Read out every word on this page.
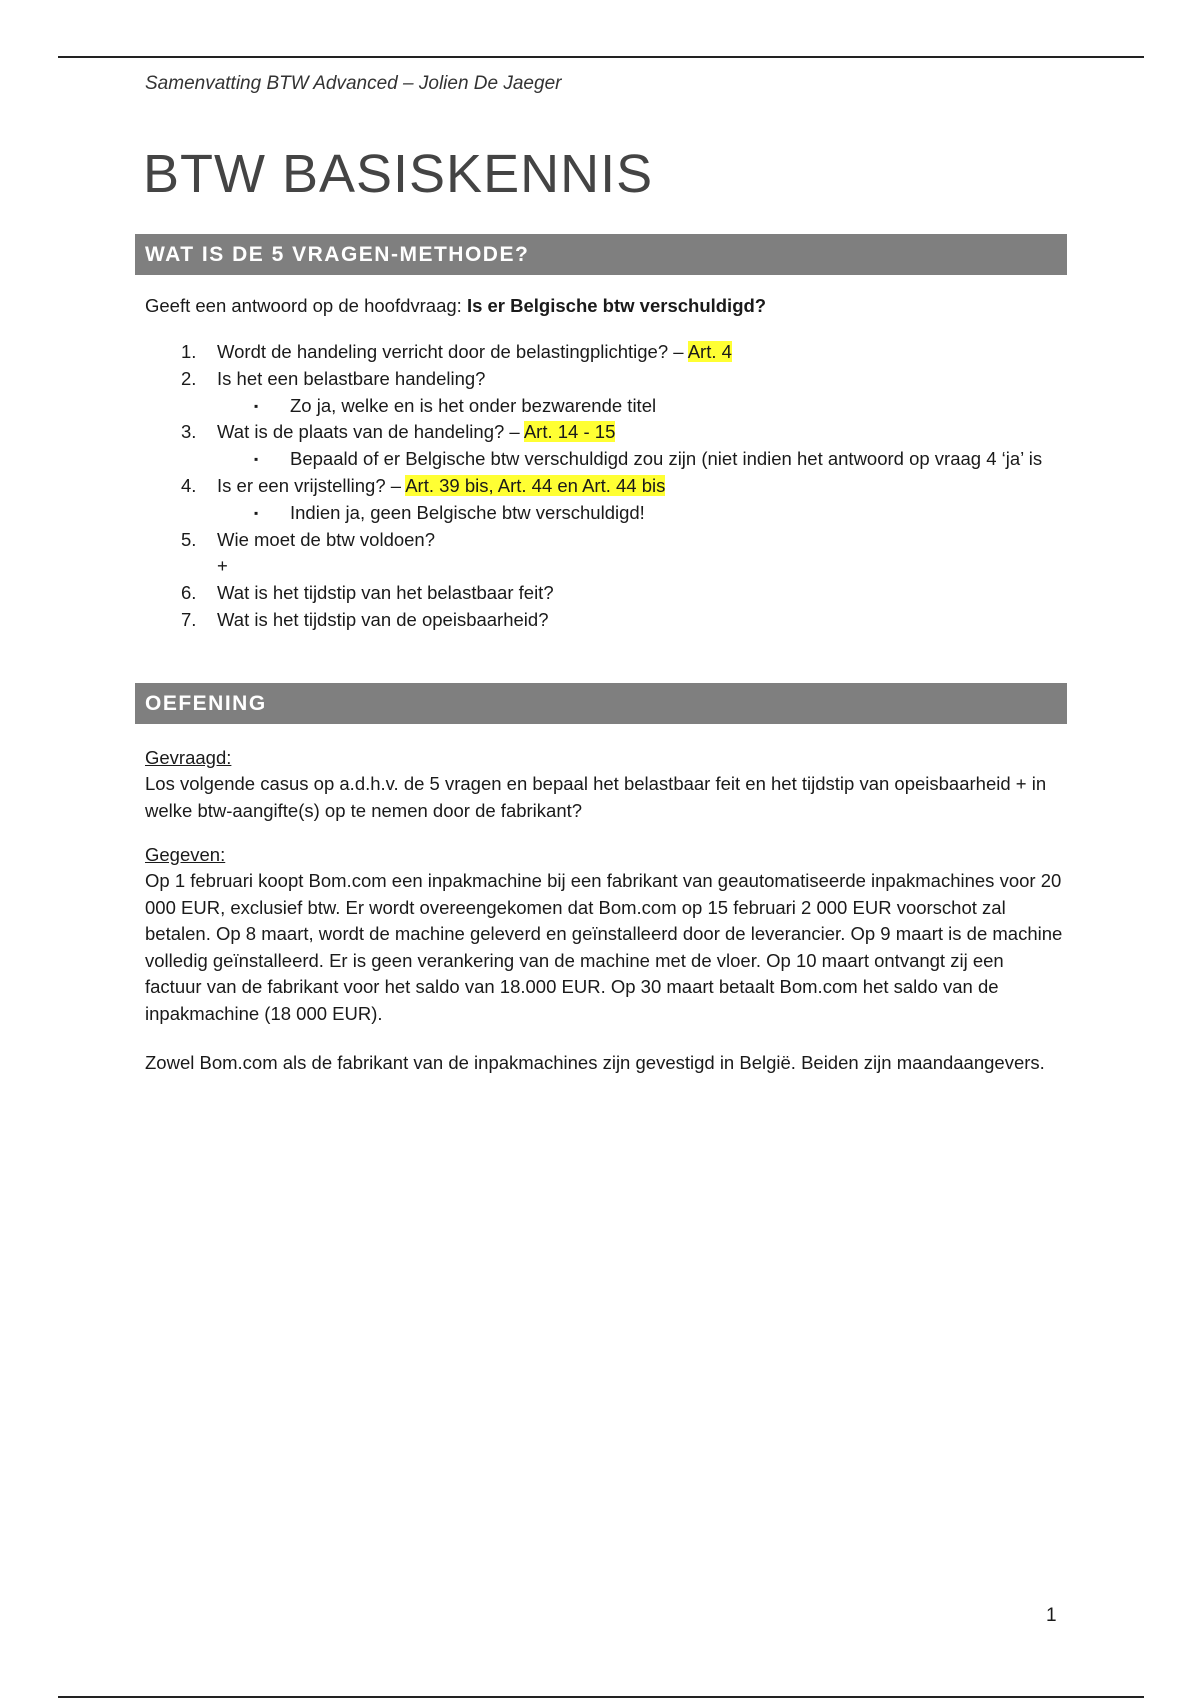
Samenvatting BTW Advanced – Jolien De Jaeger
BTW BASISKENNIS
WAT IS DE 5 VRAGEN-METHODE?
Geeft een antwoord op de hoofdvraag: Is er Belgische btw verschuldigd?
1. Wordt de handeling verricht door de belastingplichtige? – Art. 4
2. Is het een belastbare handeling?
▪ Zo ja, welke en is het onder bezwarende titel
3. Wat is de plaats van de handeling? – Art. 14 - 15
▪ Bepaald of er Belgische btw verschuldigd zou zijn (niet indien het antwoord op vraag 4 ‘ja’ is
4. Is er een vrijstelling? – Art. 39 bis, Art. 44 en Art. 44 bis
▪ Indien ja, geen Belgische btw verschuldigd!
5. Wie moet de btw voldoen?
+
6. Wat is het tijdstip van het belastbaar feit?
7. Wat is het tijdstip van de opeisbaarheid?
OEFENING
Gevraagd:
Los volgende casus op a.d.h.v. de 5 vragen en bepaal het belastbaar feit en het tijdstip van opeisbaarheid + in welke btw-aangifte(s) op te nemen door de fabrikant?
Gegeven:
Op 1 februari koopt Bom.com een inpakmachine bij een fabrikant van geautomatiseerde inpakmachines voor 20 000 EUR, exclusief btw. Er wordt overeengekomen dat Bom.com op 15 februari 2 000 EUR voorschot zal betalen. Op 8 maart, wordt de machine geleverd en geïnstalleerd door de leverancier. Op 9 maart is de machine volledig geïnstalleerd. Er is geen verankering van de machine met de vloer. Op 10 maart ontvangt zij een factuur van de fabrikant voor het saldo van 18.000 EUR. Op 30 maart betaalt Bom.com het saldo van de inpakmachine (18 000 EUR).
Zowel Bom.com als de fabrikant van de inpakmachines zijn gevestigd in België. Beiden zijn maandaangevers.
1
